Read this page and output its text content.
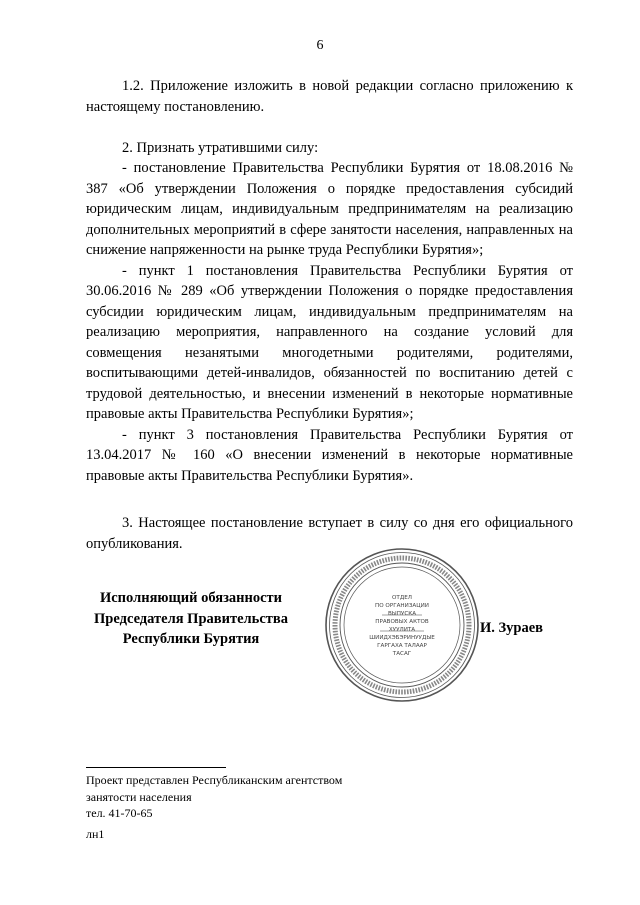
6

1.2. Приложение изложить в новой редакции согласно приложению к настоящему постановлению.

2. Признать утратившими силу:

- постановление Правительства Республики Бурятия от 18.08.2016 № 387 «Об утверждении Положения о порядке предоставления субсидий юридическим лицам, индивидуальным предпринимателям на реализацию дополнительных мероприятий в сфере занятости населения, направленных на снижение напряженности на рынке труда Республики Бурятия»;

- пункт 1 постановления Правительства Республики Бурятия от 30.06.2016 № 289 «Об утверждении Положения о порядке предоставления субсидии юридическим лицам, индивидуальным предпринимателям на реализацию мероприятия, направленного на создание условий для совмещения незанятыми многодетными родителями, родителями, воспитывающими детей-инвалидов, обязанностей по воспитанию детей с трудовой деятельностью, и внесении изменений в некоторые нормативные правовые акты Правительства Республики Бурятия»;

- пункт 3 постановления Правительства Республики Бурятия от 13.04.2017 № 160 «О внесении изменений в некоторые нормативные правовые акты Правительства Республики Бурятия».

3. Настоящее постановление вступает в силу со дня его официального опубликования.

Исполняющий обязанности
Председателя Правительства
Республики Бурятия
ОТДЕЛ
ПО ОРГАНИЗАЦИИ
ВЫПУСКА
ПРАВОВЫХ АКТОВ
ХУУЛИТА
ШИИДХЭБЭРИНУУДЫЕ
ГАРГАХА ТАЛААР
ТАСАГ
И. Зураев
Проект представлен Республиканским агентством
занятости населения
тел. 41-70-65
лн1
